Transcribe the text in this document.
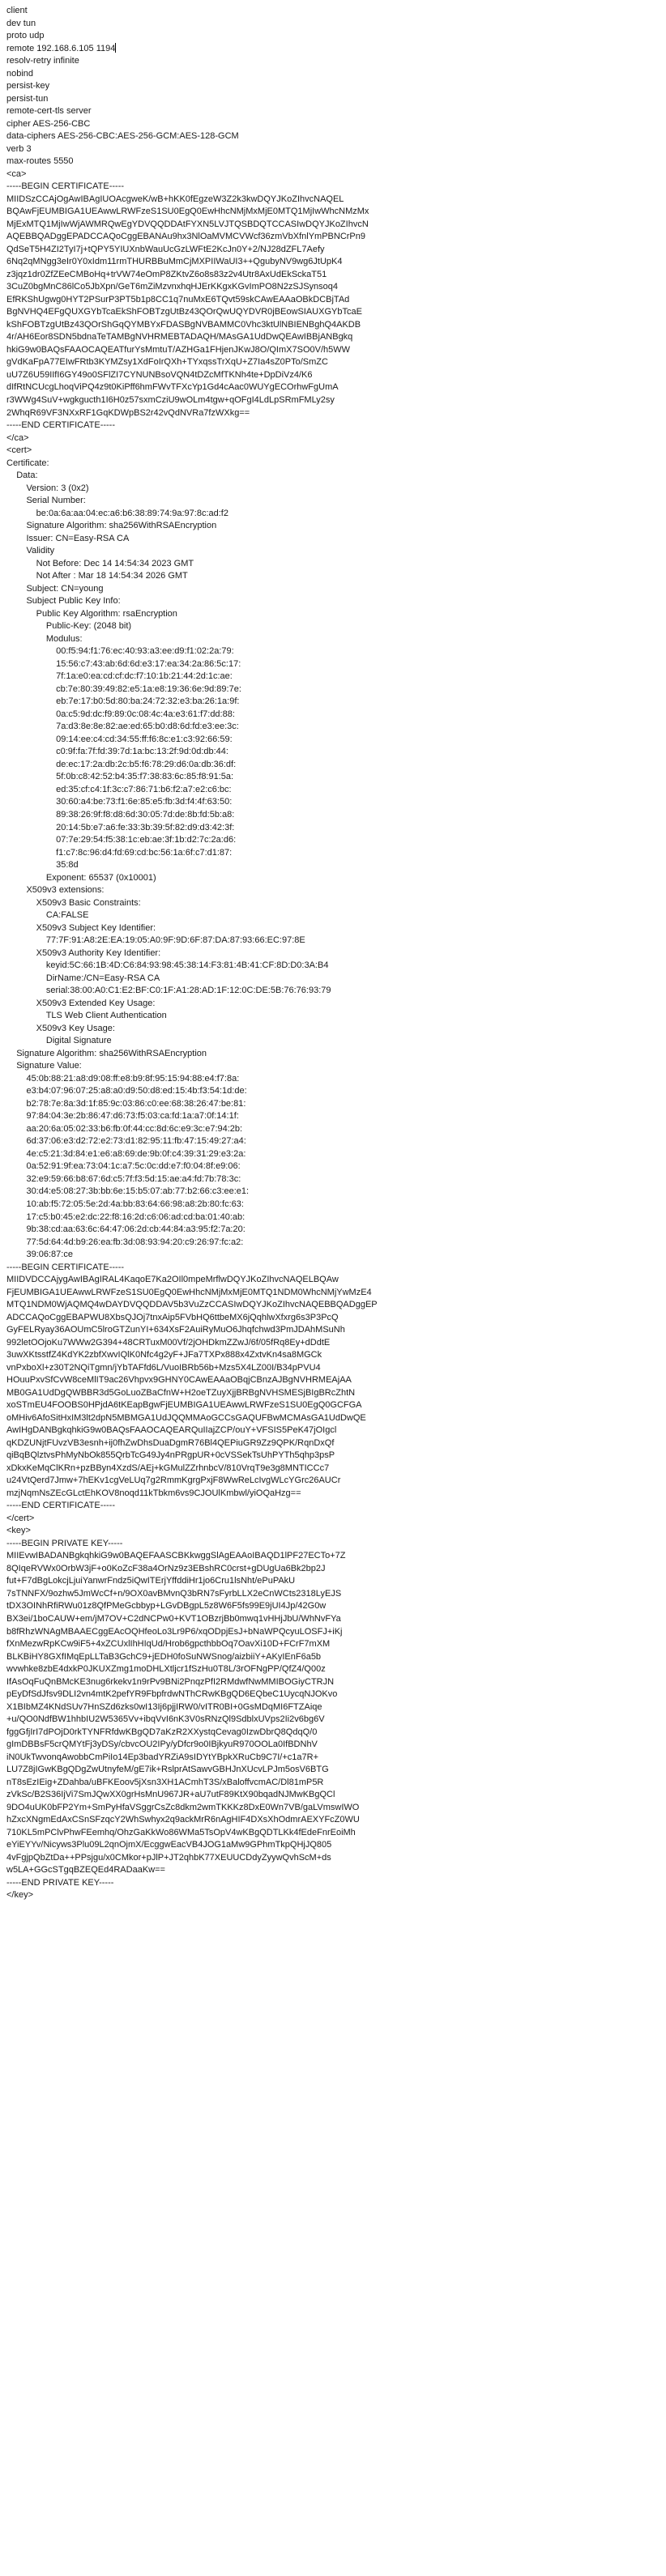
client
dev tun
proto udp
remote 192.168.6.105 1194
resolv-retry infinite
nobind
persist-key
persist-tun
remote-cert-tls server
cipher AES-256-CBC
data-ciphers AES-256-CBC:AES-256-GCM:AES-128-GCM
verb 3
max-routes 5550
<ca>
-----BEGIN CERTIFICATE-----
MIIDSzCCAjOgAwIBAgIUOAcgweK/wB+hKK0fEgzeW3Z2k3kwDQYJKoZIhvcNAQEL
BQAwFjEUMBIGA1UEAwwLRWFzeS1SU0EgQ0EwHhcNMjMxMjE0MTQ1MjIwWhcNMzMx
MjExMTQ1MjIwWjAWMRQwEgYDVQQDDAtFYXN5LVJTQSBDQTCCASIwDQYJKoZIhvcN
AQEBBQADggEPADCCAQoCggEBANAu9hx3NlOaMVMCVWcf36zmVbXfnlYmPBNCrPn9
QdSeT5H4ZI2TyI7j+tQPY5YIUXnbWauUcGzLWFtE2KcJn0Y+2/NJ28dZFL7Aefy
6Nq2qMNgg3eIr0Y0xIdm11rmTHURBBuMmCjMXPIIWaUI3++QgubyNV9wg6JtUpK4
z3jqz1dr0ZfZEeCMBoHq+trVW74eOmP8ZKtvZ6o8s83z2v4Utr8AxUdEkSckaT51
3CuZ0bgMnC86lCo5JbXpn/GeT6mZiMzvnxhqHJErKKgxKGvImPO8N2zSJSynsoq4
EfRKShUgwg0HYT2PSurP3PT5b1p8CC1q7nuMxE6TQvt59skCAwEAAaOBkDCBjTAd
BgNVHQ4EFgQUXGYbTcaEkShFOBTzgUtBz43QOrQwUQYDVR0jBEowSIAUXGYbTcaE
kShFOBTzgUtBz43QOrShGqQYMBYxFDASBgNVBAMMC0Vhc3ktUlNBIENBghQ4AKDB
4r/AH6Eor8SDN5bdnaTeTAMBgNVHRMEBTADAQH/MAsGA1UdDwQEAwIBBjANBgkq
hkiG9w0BAQsFAAOCAQEATfurYsMmtuT/AZHGa1FHjenJKwJ8O/QImX7SO0V/h5WW
gVdKaFpA77EIwFRtb3KYMZsy1XdFoIrQXh+TYxqssTrXqU+Z7Ia4sZ0PTo/SmZC
uU7Z6U59IIfI6GY49o0SFlZI7CYNUNBsoVQN4tDZcMfTKNh4te+DpDiVz4/K6
dIfRtNCUcgLhoqViPQ4z9t0KiPff6hmFWvTFXcYp1Gd4cAac0WUYgECOrhwFgUmA
r3WWg4SuV+wgkgucth1I6H0z57sxmCziU9wOLm4tgw+qOFgI4LdLpSRmFMLy2sy
2WhqR69VF3NXxRF1GqKDWpBS2r42vQdNVRa7fzWXkg==
-----END CERTIFICATE-----
</ca>
<cert>
Certificate:
Data:
Version: 3 (0x2)
Serial Number:
be:0a:6a:aa:04:ec:a6:b6:38:89:74:9a:97:8c:ad:f2
Signature Algorithm: sha256WithRSAEncryption
Issuer: CN=Easy-RSA CA
Validity
Not Before: Dec 14 14:54:34 2023 GMT
Not After : Mar 18 14:54:34 2026 GMT
Subject: CN=young
Subject Public Key Info:
Public Key Algorithm: rsaEncryption
Public-Key: (2048 bit)
Modulus:
00:f5:94:f1:76:ec:40:93:a3:ee:d9:f1:02:2a:79:
15:56:c7:43:ab:6d:6d:e3:17:ea:34:2a:86:5c:17:
7f:1a:e0:ea:cd:cf:dc:f7:10:1b:21:44:2d:1c:ae:
cb:7e:80:39:49:82:e5:1a:e8:19:36:6e:9d:89:7e:
eb:7e:17:b0:5d:80:ba:24:72:32:e3:ba:26:1a:9f:
0a:c5:9d:dc:f9:89:0c:08:4c:4a:e3:61:f7:dd:88:
7a:d3:8e:8e:82:ae:ed:65:b0:d8:6d:fd:e3:ee:3c:
09:14:ee:c4:cd:34:55:ff:f6:8c:e1:c3:92:66:59:
c0:9f:fa:7f:fd:39:7d:1a:bc:13:2f:9d:0d:db:44:
de:ec:17:2a:db:2c:b5:f6:78:29:d6:0a:db:36:df:
5f:0b:c8:42:52:b4:35:f7:38:83:6c:85:f8:91:5a:
ed:35:cf:c4:1f:3c:c7:86:71:b6:f2:a7:e2:c6:bc:
30:60:a4:be:73:f1:6e:85:e5:fb:3d:f4:4f:63:50:
89:38:26:9f:f8:d8:6d:30:05:7d:de:8b:fd:5b:a8:
20:14:5b:e7:a6:fe:33:3b:39:5f:82:d9:d3:42:3f:
07:7e:29:54:f5:38:1c:eb:ae:3f:1b:d2:7c:2a:d6:
f1:c7:8c:96:d4:fd:69:cd:bc:56:1a:6f:c7:d1:87:
35:8d
Exponent: 65537 (0x10001)
X509v3 extensions:
X509v3 Basic Constraints:
CA:FALSE
X509v3 Subject Key Identifier:
77:7F:91:A8:2E:EA:19:05:A0:9F:9D:6F:87:DA:87:93:66:EC:97:8E
X509v3 Authority Key Identifier:
keyid:5C:66:1B:4D:C6:84:93:98:45:38:14:F3:81:4B:41:CF:8D:D0:3A:B4
DirName:/CN=Easy-RSA CA
serial:38:00:A0:C1:E2:BF:C0:1F:A1:28:AD:1F:12:0C:DE:5B:76:76:93:79
X509v3 Extended Key Usage:
TLS Web Client Authentication
X509v3 Key Usage:
Digital Signature
Signature Algorithm: sha256WithRSAEncryption
Signature Value:
45:0b:88:21:a8:d9:08:ff:e8:b9:8f:95:15:94:88:e4:f7:8a:
e3:b4:07:96:07:25:a8:a0:d9:50:d8:ed:15:4b:f3:54:1d:de:
b2:78:7e:8a:3d:1f:85:9c:03:86:c0:ee:68:38:26:47:be:81:
97:84:04:3e:2b:86:47:d6:73:f5:03:ca:fd:1a:a7:0f:14:1f:
aa:20:6a:05:02:33:b6:fb:0f:44:cc:8d:6c:e9:3c:e7:94:2b:
6d:37:06:e3:d2:72:e2:73:d1:82:95:11:fb:47:15:49:27:a4:
4e:c5:21:3d:84:e1:e6:a8:69:de:9b:0f:c4:39:31:29:e3:2a:
0a:52:91:9f:ea:73:04:1c:a7:5c:0c:dd:e7:f0:04:8f:e9:06:
32:e9:59:66:b8:67:6d:c5:7f:f3:5d:15:ae:a4:fd:7b:78:3c:
30:d4:e5:08:27:3b:bb:6e:15:b5:07:ab:77:b2:66:c3:ee:e1:
10:ab:f5:72:05:5e:2d:4a:bb:83:64:66:98:a8:2b:80:fc:63:
17:c5:b0:45:e2:dc:22:f8:16:2d:c6:06:ad:cd:ba:01:40:ab:
9b:38:cd:aa:63:6c:64:47:06:2d:cb:44:84:a3:95:f2:7a:20:
77:5d:64:4d:b9:26:ea:fb:3d:08:93:94:20:c9:26:97:fc:a2:
39:06:87:ce
-----BEGIN CERTIFICATE-----
MIIDVDCCAjygAwIBAgIRAL4KaqoE7Ka2OIl0mpeMrflwDQYJKoZIhvcNAQELBQAw
FjEUMBIGA1UEAwwLRWFzeS1SU0EgQ0EwHhcNMjMxMjE0MTQ1NDM0WhcNMjYwMzE4
MTQ1NDM0WjAQMQ4wDAYDVQQDDAV5b3VuZzCCASIwDQYJKoZIhvcNAQEBBQADggEP
ADCCAQoCggEBAPWU8XbsQJOj7tnxAip5FVbHQ6ttbeMX6jQqhlwXfxrg6s3P3PcQ
GyFELRyay36AOUmC5lroGTZunYI+634XsF2AuiRyMuO6Jhqfchwd3PmJDAhMSuNh
992letOOjoKu7WWw2G394+48CRTuxM00Vf/2jOHDkmZZwJ/6f/05fRq8Ey+dDdtE
3uwXKtsstfZ4KdYK2zbfXwvIQlK0Nfc4g2yF+JFa7TXPx888x4ZxtvKn4sa8MGCk
vnPxboXl+z30T2NQiTgmn/jYbTAFfd6L/VuoIBRb56b+Mzs5X4LZ00I/B34pPVU4
HOuuPxvSfCvW8ceMlIT9ac26Vhpvx9GHNY0CAwEAAaOBqjCBnzAJBgNVHRMEAjAA
MB0GA1UdDgQWBBR3d5GoLuoZBaCfnW+H2oeTZuyXjjBRBgNVHSMESjBIgBRcZhtN
xoSTmEU4FOOBS0HPjdA6tKEapBgwFjEUMBIGA1UEAwwLRWFzeS1SU0EgQ0GCFGA
oMHiv6AfoSitHxIM3lt2dpN5MBMGA1UdJQQMMAoGCCsGAQUFBwMCMAsGA1UdDwQE
AwIHgDANBgkqhkiG9w0BAQsFAAOCAQEARQuIIajZCP/ouY+VFSIS5PeK47jOIgcl
qKDZUNjtFUvzVB3esnh+ij0fhZwDhsDuaDgmR76Bl4QEPiuGR9Zz9QPK/RqnDxQf
qiBqBQlztvsPhMyNbOk855QrbTcG49Jy4nPRgpUR+0cVSSekTsUhPYTh5qhp3psP
xDkxKeMqClKRn+pzBByn4XzdS/AEj+kGMulZZrhnbcV/810VrqT9e3g8MNTICCc7
u24VtQerd7Jmw+7hEKv1cgVeLUq7g2RmmKgrgPxjF8WwReLcIvgWLcYGrc26AUCr
mzjNqmNsZEcGLctEhKOV8noqd11kTbkm6vs9CJOUlKmbwl/yiOQaHzg==
-----END CERTIFICATE-----
</cert>
<key>
-----BEGIN PRIVATE KEY-----
MIIEvwIBADANBgkqhkiG9w0BAQEFAASCBKkwggSlAgEAAoIBAQD1lPF27ECTo+7Z
8QIqeRVWx0OrbW3jF+o0KoZcF38a4OrNz9z3EBshRC0crst+gDUgUa6Bk2bp2J
fut+F7dBgLokcjLjuiYanwrFndz5iQwITErjYffddiHr1jo6Cru1lsNht/ePuPAkU
7sTNNFX/9ozhw5JmWcCf+n/9OX0avBMvnQ3bRN7sFyrbLLX2eCnWCts2318LyEJS
tDX3OINhRfiRWu01z8QfPMeGcbbyp+LGvDBgpL5z8W6F5fs99E9jUI4Jp/42G0w
BX3ei/1boCAUW+em/jM7OV+C2dNCPw0+KVT1OBzrjBb0mwq1vHHjJbU/WhNvFYa
b8fRhzWNAgMBAAECggEAcOQHfeoLo3Lr9P6/xqODpjEsJ+bNaWPQcyuLOSFJ+iKj
fXnMezwRpKCw9iF5+4xZCUxlIhHIqUd/Hrob6gpcthbbOq7OavXi10D+FCrF7mXM
BLKBiHY8GXfIMqEpLLTaB3GchC9+jEDH0foSuNWSnog/aizbiiY+AKyIEnF6a5b
wvwhke8zbE4dxkP0JKUXZmg1moDHLXtljcr1fSzHu0T8L/3rOFNgPP/QfZ4/Q00z
IfAsOqFuQnBMcKE3nug6rkekv1n9rPv9BNi2PnqzPfI2RMdwfNwMMIBOGiyCTRJN
pEyDfSdJfsv9DLI2vn4mtK2pefYR9FbpfrdwNThCRwKBgQD6EQbeC1UycqNJOKvo
X1BIbMZ4KNdSUv7HnSZd6zks0wI13Ij6pjjIRW0/vITR0BI+0GsMDqMI6FTZAiqe
+u/QO0NdfBW1hhbIU2W5365Vv+ibqVvI6nK3V0sRNzQl9SdblxUVps2Ii2v6bg6V
fggGfjIrI7dPOjD0rkTYNFRfdwKBgQD7aKzR2XXystqCevag0IzwDbrQ8QdqQ/0
gImDBBsF5crQMYtFj3yDSy/cbvcOU2IPy/yDfcr9o0IBjkyuR970OOLa0IfBDNhV
iN0UkTwvonqAwobbCmPiIo14Ep3badYRZiA9sIDYtYBpkXRuCb9C7I/+c1a7R+
LU7Z8jIGwKBgQDgZwUtnyfeM/gE7ik+RslprAtSawvGBHJnXUcvLPJm5osV6BTG
nT8sEzIEig+ZDahba/uBFKEoov5jXsn3XH1ACmhT3S/xBaloffvcmAC/Dl81mP5R
zVkSc/B2S36IjVi7SmJQwXX0grHsMnU967JR+aU7utF89KtX90bqadNJMwKBgQCl
9DO4uUK0bFP2Ym+SmPyHfaVSggrCsZc8dkm2wmTKKKz8DxE0Wn7VB/gaLVmswIWO
hZxcXNgmEdAxCSnSFzqcY2WhSwhyx2q9ackMrR6nAgHIF4DXsXhOdmrAEXYFcZ0WU
710KL5mPClvPhwFEemhq/OhzGaKkWo86WMa5TsOpV4wKBgQDTLKk4fEdeFnrEoiMh
eYiEYYv/Nicyws3Plu09L2qnOjmX/EcggwEacVB4JOG1aMw9GPhmTkpQHjJQ805
4vFgjpQbZtDa++PPsjgu/x0CMkor+pJlP+JT2qhbK77XEUUCDdyZyywQvhScM+ds
w5LA+GGcSTgqBZEQEd4RADaaKw==
-----END PRIVATE KEY-----
</key>
